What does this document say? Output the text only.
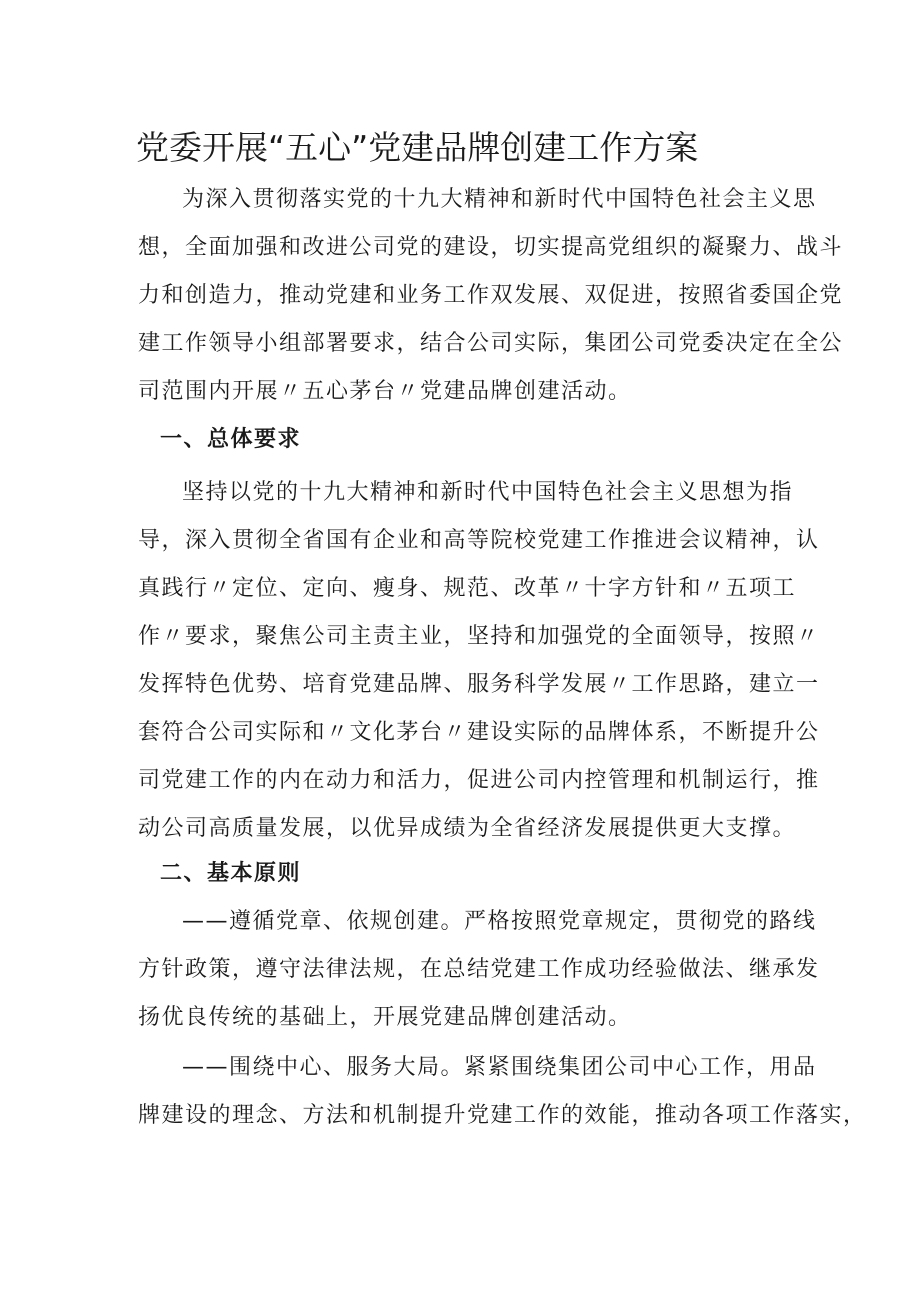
党委开展“五心”党建品牌创建工作方案
为深入贯彻落实党的十九大精神和新时代中国特色社会主义思
想，全面加强和改进公司党的建设，切实提高党组织的凝聚力、战斗
力和创造力，推动党建和业务工作双发展、双促进，按照省委国企党
建工作领导小组部署要求，结合公司实际，集团公司党委决定在全公
司范围内开展〃五心茅台〃党建品牌创建活动。
一、总体要求
坚持以党的十九大精神和新时代中国特色社会主义思想为指
导，深入贯彻全省国有企业和高等院校党建工作推进会议精神，认
真践行〃定位、定向、瘦身、规范、改革〃十字方针和〃五项工
作〃要求，聚焦公司主责主业，坚持和加强党的全面领导，按照〃
发挥特色优势、培育党建品牌、服务科学发展〃工作思路，建立一
套符合公司实际和〃文化茅台〃建设实际的品牌体系，不断提升公
司党建工作的内在动力和活力，促进公司内控管理和机制运行，推
动公司高质量发展，以优异成绩为全省经济发展提供更大支撑。
二、基本原则
——遵循党章、依规创建。严格按照党章规定，贯彻党的路线
方针政策，遵守法律法规，在总结党建工作成功经验做法、继承发
扬优良传统的基础上，开展党建品牌创建活动。
——围绕中心、服务大局。紧紧围绕集团公司中心工作，用品
牌建设的理念、方法和机制提升党建工作的效能，推动各项工作落实，
